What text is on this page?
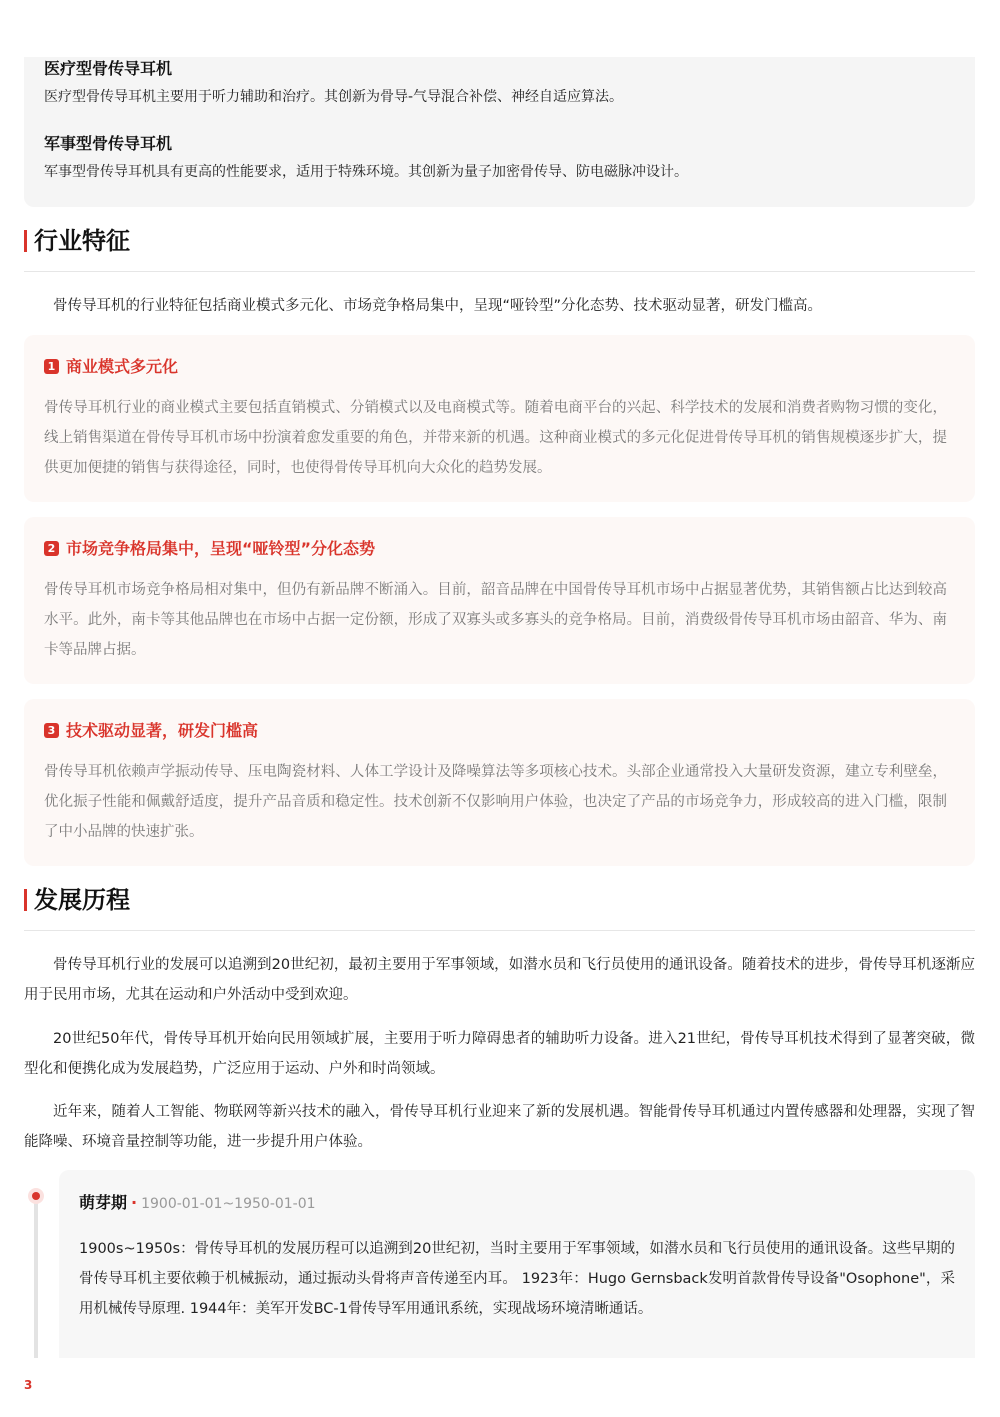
医疗型骨传导耳机
医疗型骨传导耳机主要用于听力辅助和治疗。其创新为骨导-气导混合补偿、神经自适应算法。
军事型骨传导耳机
军事型骨传导耳机具有更高的性能要求，适用于特殊环境。其创新为量子加密骨传导、防电磁脉冲设计。
行业特征
骨传导耳机的行业特征包括商业模式多元化、市场竞争格局集中，呈现“哑铃型”分化态势、技术驱动显著，研发门槛高。
1 商业模式多元化
骨传导耳机行业的商业模式主要包括直销模式、分销模式以及电商模式等。随着电商平台的兴起、科学技术的发展和消费者购物习惯的变化，线上销售渠道在骨传导耳机市场中扮演着愈发重要的角色，并带来新的机遇。这种商业模式的多元化促进骨传导耳机的销售规模逐步扩大，提供更加便捷的销售与获得途径，同时，也使得骨传导耳机向大众化的趋势发展。
2 市场竞争格局集中，呈现“哑铃型”分化态势
骨传导耳机市场竞争格局相对集中，但仍有新品牌不断涌入。目前，韶音品牌在中国骨传导耳机市场中占据显著优势，其销售额占比达到较高水平。此外，南卡等其他品牌也在市场中占据一定份额，形成了双寡头或多寡头的竞争格局。目前，消费级骨传导耳机市场由韶音、华为、南卡等品牌占据。
3 技术驱动显著，研发门槛高
骨传导耳机依赖声学振动传导、压电陶瓷材料、人体工学设计及降噪算法等多项核心技术。头部企业通常投入大量研发资源，建立专利壁垒，优化振子性能和佩戴舒适度，提升产品音质和稳定性。技术创新不仅影响用户体验，也决定了产品的市场竞争力，形成较高的进入门槛，限制了中小品牌的快速扩张。
发展历程
骨传导耳机行业的发展可以追溯到20世纪初，最初主要用于军事领域，如潜水员和飞行员使用的通讯设备。随着技术的进步，骨传导耳机逐渐应用于民用市场，尤其在运动和户外活动中受到欢迎。
20世纪50年代，骨传导耳机开始向民用领域扩展，主要用于听力障碍患者的辅助听力设备。进入21世纪，骨传导耳机技术得到了显著突破，微型化和便携化成为发展趋势，广泛应用于运动、户外和时尚领域。
近年来，随着人工智能、物联网等新兴技术的融入，骨传导耳机行业迎来了新的发展机遇。智能骨传导耳机通过内置传感器和处理器，实现了智能降噪、环境音量控制等功能，进一步提升用户体验。
萌芽期 · 1900-01-01~1950-01-01
1900s~1950s：骨传导耳机的发展历程可以追溯到20世纪初，当时主要用于军事领域，如潜水员和飞行员使用的通讯设备。这些早期的骨传导耳机主要依赖于机械振动，通过振动头骨将声音传递至内耳。 1923年：Hugo Gernsback发明首款骨传导设备"Osophone"，采用机械传导原理. 1944年：美军开发BC-1骨传导军用通讯系统，实现战场环境清晰通话。
3
